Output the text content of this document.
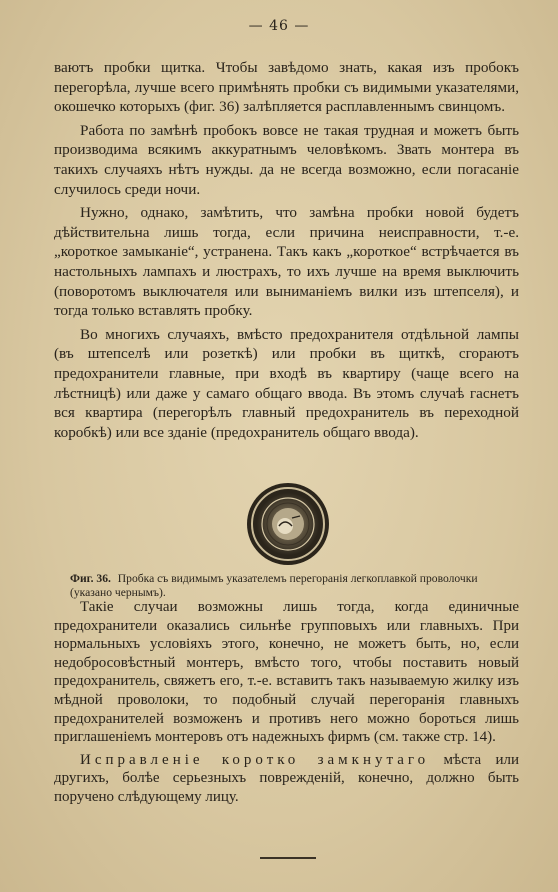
— 46 —

ваютъ пробки щитка. Чтобы завѣдомо знать, какая изъ пробокъ перегорѣла, лучше всего примѣнять пробки съ видимыми указателями, окошечко которыхъ (фиг. 36) залѣпляется расплавленнымъ свинцомъ.

Работа по замѣнѣ пробокъ вовсе не такая трудная и можетъ быть производима всякимъ аккуратнымъ человѣкомъ. Звать монтера въ такихъ случаяхъ нѣтъ нужды. да не всегда возможно, если погасаніе случилось среди ночи.

Нужно, однако, замѣтить, что замѣна пробки новой будетъ дѣйствительна лишь тогда, если причина неисправности, т.-е. „короткое замыканіе“, устранена. Такъ какъ „короткое“ встрѣчается въ настольныхъ лампахъ и люстрахъ, то ихъ лучше на время выключить (поворотомъ выключателя или выниманіемъ вилки изъ штепселя), и тогда только вставлять пробку.

Во многихъ случаяхъ, вмѣсто предохранителя отдѣльной лампы (въ штепселѣ или розеткѣ) или пробки въ щиткѣ, сгораютъ предохранители главные, при входѣ въ квартиру (чаще всего на лѣстницѣ) или даже у самаго общаго ввода. Въ этомъ случаѣ гаснетъ вся квартира (перегорѣлъ главный предохранитель въ переходной коробкѣ) или все зданіе (предохранитель общаго ввода).

Фиг. 36. Пробка съ видимымъ указателемъ перегоранія легкоплавкой проволочки (указано чернымъ).

Такіе случаи возможны лишь тогда, когда единичные предохранители оказались сильнѣе групповыхъ или главныхъ. При нормальныхъ условіяхъ этого, конечно, не можетъ быть, но, если недобросовѣстный монтеръ, вмѣсто того, чтобы поставить новый предохранитель, свяжетъ его, т.-е. вставитъ такъ называемую жилку изъ мѣдной проволоки, то подобный случай перегоранія главныхъ предохранителей возможенъ и противъ него можно бороться лишь приглашеніемъ монтеровъ отъ надежныхъ фирмъ (см. также стр. 14).

Исправленіе коротко замкнутаго мѣста или другихъ, болѣе серьезныхъ поврежденій, конечно, должно быть поручено слѣдующему лицу.
